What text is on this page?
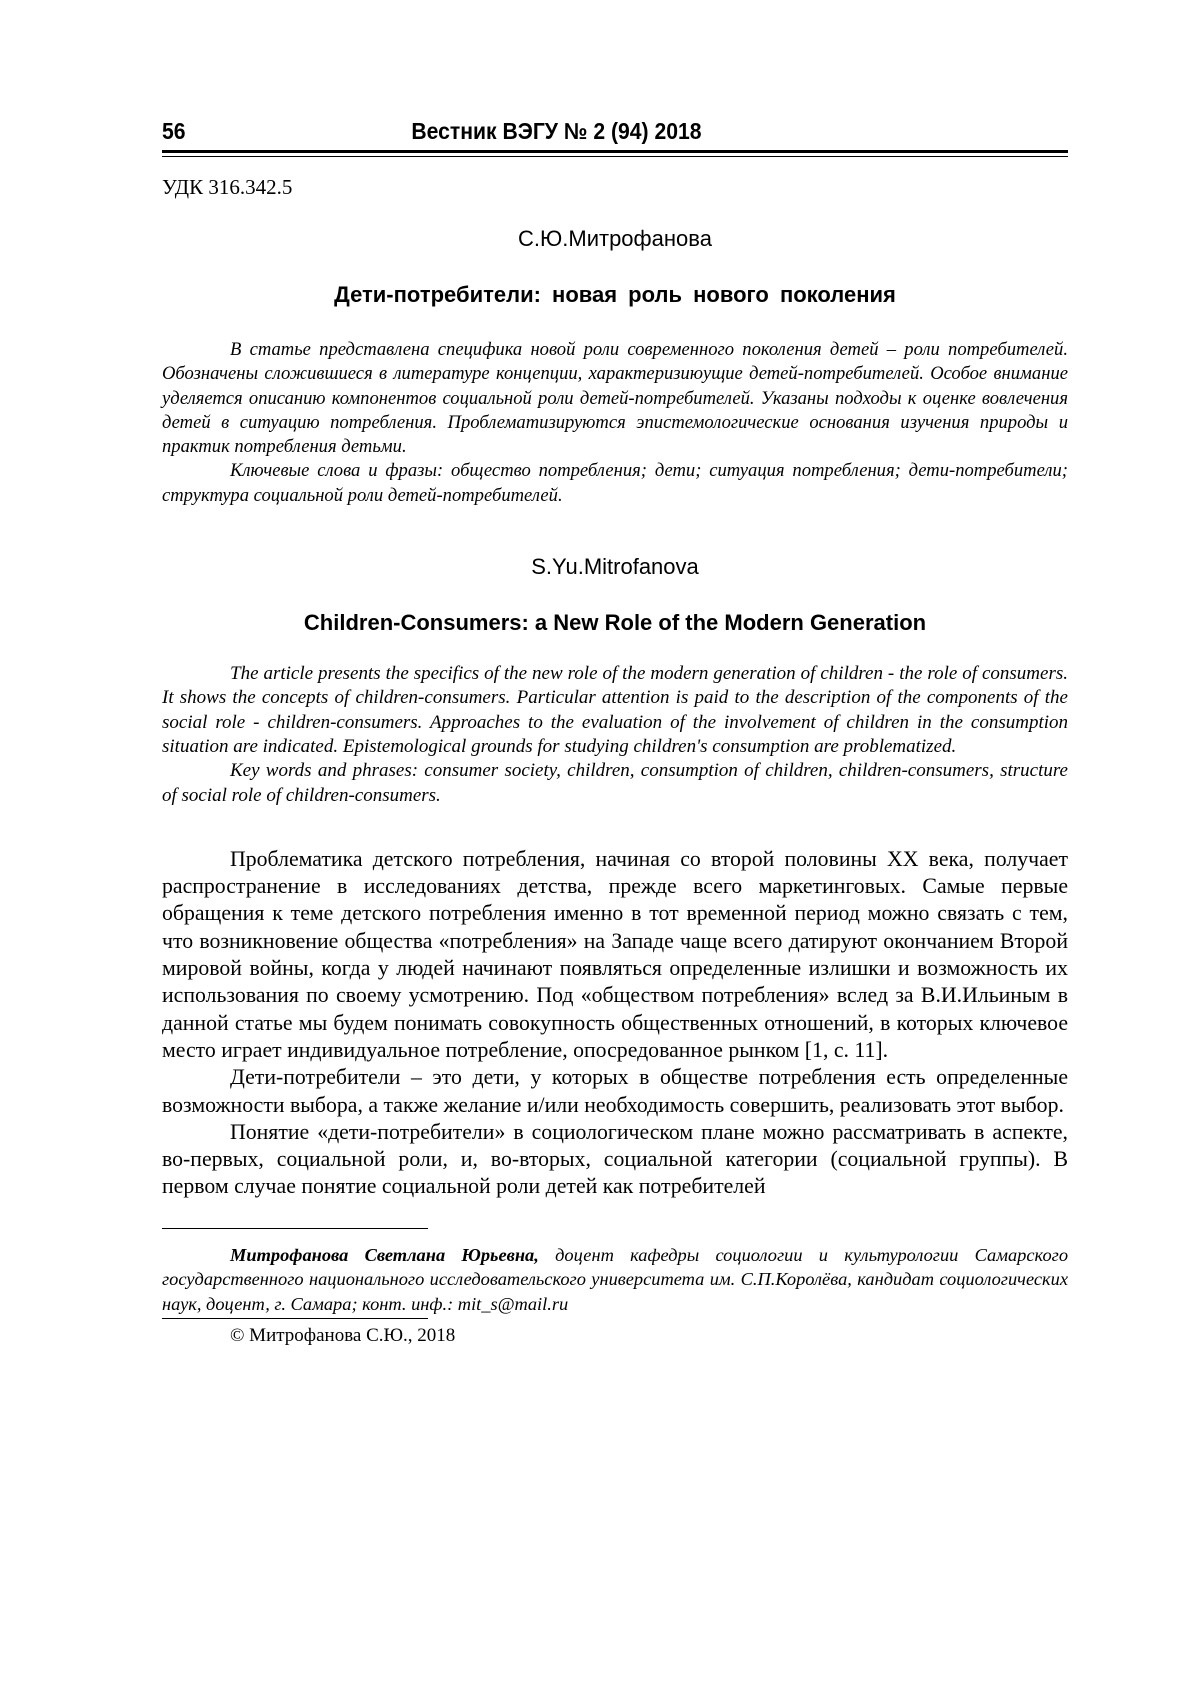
56	Вестник ВЭГУ № 2 (94) 2018
УДК 316.342.5
С.Ю.Митрофанова
Дети-потребители: новая роль нового поколения

В статье представлена специфика новой роли современного поколения детей – роли потребителей. Обозначены сложившиеся в литературе концепции, характеризиюущие детей-потребителей. Особое внимание уделяется описанию компонентов социальной роли детей-потребителей. Указаны подходы к оценке вовлечения детей в ситуацию потребления. Проблематизируются эпистемологические основания изучения природы и практик потребления детьми.

Ключевые слова и фразы: общество потребления; дети; ситуация потребления; дети-потребители; структура социальной роли детей-потребителей.

S.Yu.Mitrofanova
Children-Consumers: a New Role of the Modern Generation

The article presents the specifics of the new role of the modern generation of children - the role of consumers. It shows the concepts of children-consumers. Particular attention is paid to the description of the components of the social role - children-consumers. Approaches to the evaluation of the involvement of children in the consumption situation are indicated. Epistemological grounds for studying children's consumption are problematized.

Key words and phrases: consumer society, children, consumption of children, children-consumers, structure of social role of children-consumers.

Проблематика детского потребления, начиная со второй половины XX века, получает распространение в исследованиях детства, прежде всего маркетинговых. Самые первые обращения к теме детского потребления именно в тот временной период можно связать с тем, что возникновение общества «потребления» на Западе чаще всего датируют окончанием Второй мировой войны, когда у людей начинают появляться определенные излишки и возможность их использования по своему усмотрению. Под «обществом потребления» вслед за В.И.Ильиным в данной статье мы будем понимать совокупность общественных отношений, в которых ключевое место играет индивидуальное потребление, опосредованное рынком [1, с. 11].

Дети-потребители – это дети, у которых в обществе потребления есть определенные возможности выбора, а также желание и/или необходимость совершить, реализовать этот выбор.

Понятие «дети-потребители» в социологическом плане можно рассматривать в аспекте, во-первых, социальной роли, и, во-вторых, социальной категории (социальной группы). В первом случае понятие социальной роли детей как потребителей

Митрофанова Светлана Юрьевна, доцент кафедры социологии и культурологии Самарского государственного национального исследовательского университета им. С.П.Королёва, кандидат социологических наук, доцент, г. Самара; конт. инф.: mit_s@mail.ru

© Митрофанова С.Ю., 2018
